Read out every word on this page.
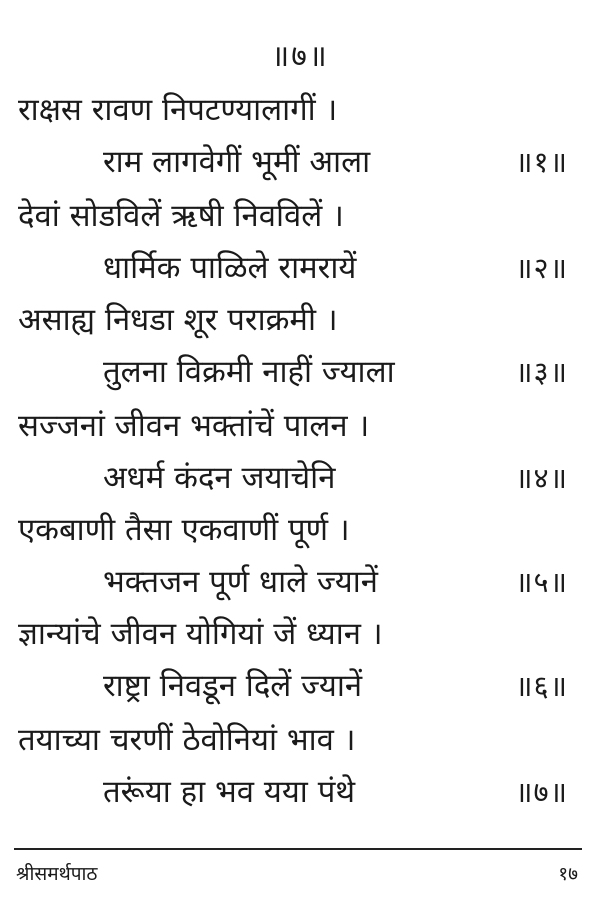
॥७॥
राक्षस रावण निपटण्यालागीं ।
राम लागवेगीं भूमीं आला	॥१॥
देवां सोडविलें ऋषी निवविलें ।
धार्मिक पाळिले रामरायें	॥२॥
असाह्य निधडा शूर पराक्रमी ।
तुलना विक्रमी नाहीं ज्याला	॥३॥
सज्जनां जीवन भक्तांचें पालन ।
अधर्म कंदन जयाचेनि	॥४॥
एकबाणी तैसा एकवाणीं पूर्ण ।
भक्तजन पूर्ण धाले ज्यानें	॥५॥
ज्ञान्यांचे जीवन योगियां जें ध्यान ।
राष्ट्रा निवडून दिलें ज्यानें	॥६॥
तयाच्या चरणीं ठेवोनियां भाव ।
तरूंया हा भव यया पंथे	॥७॥
श्रीसमर्थपाठ	१७
